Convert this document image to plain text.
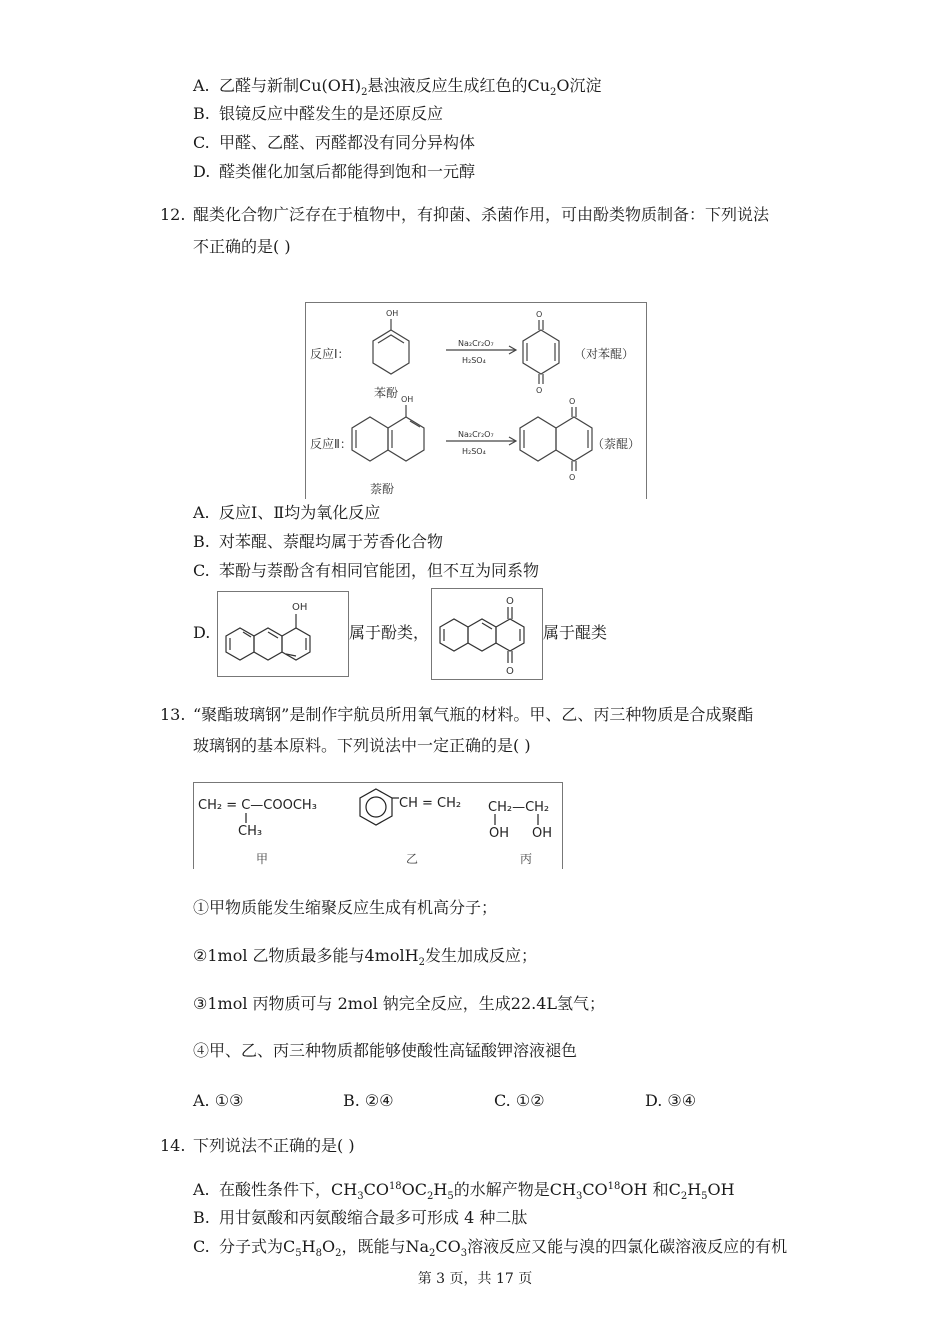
A. 乙醛与新制$Cu(OH)_2$悬浊液反应生成红色的$Cu_2O$沉淀
B. 银镜反应中醛发生的是还原反应
C. 甲醛、乙醛、丙醛都没有同分异构体
D. 醛类催化加氢后都能得到饱和一元醇
12. 醌类化合物广泛存在于植物中，有抑菌、杀菌作用，可由酚类物质制备：下列说法
不正确的是( )
OH	O
O
OH	O
O
Na₂Cr₂O₇
H₂SO₄
Na₂Cr₂O₇
H₂SO₄
反应Ⅰ：
反应Ⅱ：
苯酚
萘酚
（对苯醌）
（萘醌）
A. 反应Ⅰ、Ⅱ均为氧化反应
B. 对苯醌、萘醌均属于芳香化合物
C. 苯酚与萘酚含有相同官能团，但不互为同系物
D.
OH
属于酚类，
O
O
属于醌类
13. “聚酯玻璃钢”是制作宇航员所用氧气瓶的材料。甲、乙、丙三种物质是合成聚酯
玻璃钢的基本原料。下列说法中一定正确的是( )
CH₂ = C—COOCH₃
CH₃
CH = CH₂ CH₂—CH₂
OH OH
甲	乙	丙
①甲物质能发生缩聚反应生成有机高分子；
②1mol 乙物质最多能与4molH$_2$发生加成反应；
③1mol 丙物质可与 2mol 钠完全反应，生成22.4L氢气；
④甲、乙、丙三种物质都能够使酸性高锰酸钾溶液褪色
A. ①③	B. ②④	C. ①②	D. ③④
14. 下列说法不正确的是( )
A. 在酸性条件下，$CH_3CO^{18}OC_2H_5$的水解产物是$CH_3CO^{18}OH$ 和$C_2H_5OH$
B. 用甘氨酸和丙氨酸缩合最多可形成 4 种二肽
C. 分子式为$C_5H_8O_2$，既能与$Na_2CO_3$溶液反应又能与溴的四氯化碳溶液反应的有机
第 3 页，共 17 页
